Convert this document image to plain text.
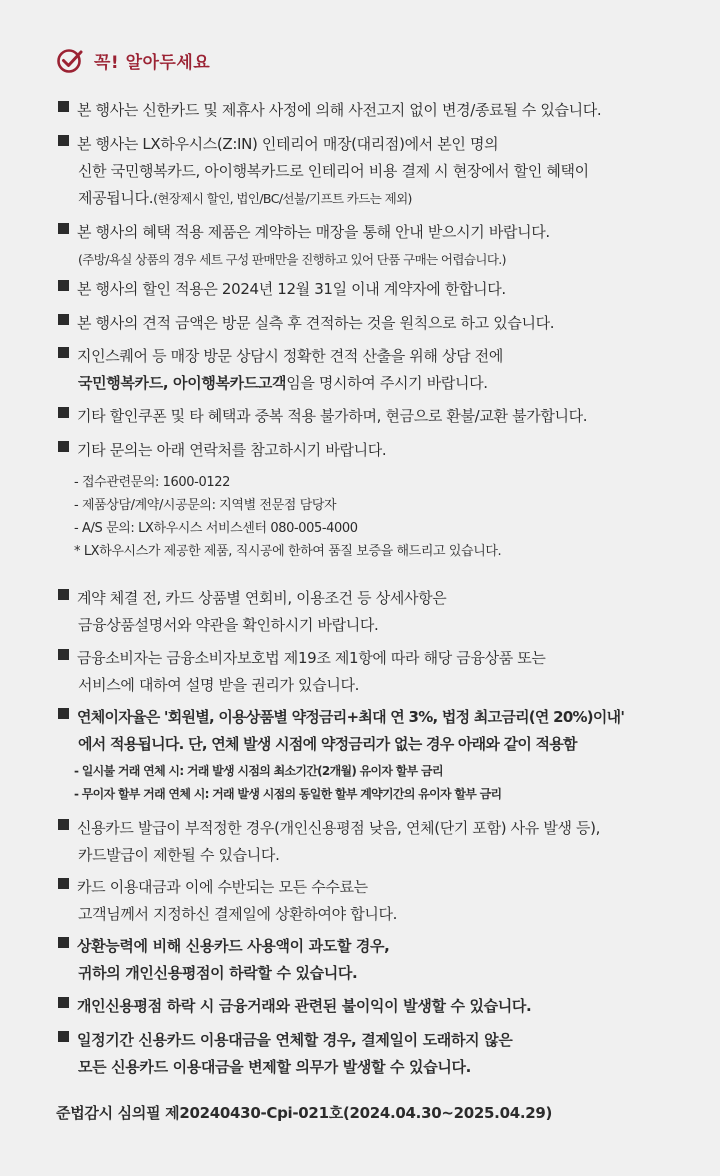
꼭! 알아두세요
본 행사는 신한카드 및 제휴사 사정에 의해 사전고지 없이 변경/종료될 수 있습니다.
본 행사는 LX하우시스(Z:IN) 인테리어 매장(대리점)에서 본인 명의
신한 국민행복카드, 아이행복카드로 인테리어 비용 결제 시 현장에서 할인 혜택이
제공됩니다.(현장제시 할인, 법인/BC/선불/기프트 카드는 제외)
본 행사의 혜택 적용 제품은 계약하는 매장을 통해 안내 받으시기 바랍니다.
(주방/욕실 상품의 경우 세트 구성 판매만을 진행하고 있어 단품 구매는 어렵습니다.)
본 행사의 할인 적용은 2024년 12월 31일 이내 계약자에 한합니다.
본 행사의 견적 금액은 방문 실측 후 견적하는 것을 원칙으로 하고 있습니다.
지인스퀘어 등 매장 방문 상담시 정확한 견적 산출을 위해 상담 전에
국민행복카드, 아이행복카드고객임을 명시하여 주시기 바랍니다.
기타 할인쿠폰 및 타 혜택과 중복 적용 불가하며, 현금으로 환불/교환 불가합니다.
기타 문의는 아래 연락처를 참고하시기 바랍니다.
- 접수관련문의: 1600-0122
- 제품상담/계약/시공문의: 지역별 전문점 담당자
- A/S 문의: LX하우시스 서비스센터 080-005-4000
* LX하우시스가 제공한 제품, 직시공에 한하여 품질 보증을 해드리고 있습니다.
계약 체결 전, 카드 상품별 연회비, 이용조건 등 상세사항은
금융상품설명서와 약관을 확인하시기 바랍니다.
금융소비자는 금융소비자보호법 제19조 제1항에 따라 해당 금융상품 또는
서비스에 대하여 설명 받을 권리가 있습니다.
연체이자율은 '회원별, 이용상품별 약정금리+최대 연 3%, 법정 최고금리(연 20%)이내'
에서 적용됩니다. 단, 연체 발생 시점에 약정금리가 없는 경우 아래와 같이 적용함
- 일시불 거래 연체 시: 거래 발생 시점의 최소기간(2개월) 유이자 할부 금리
- 무이자 할부 거래 연체 시: 거래 발생 시점의 동일한 할부 계약기간의 유이자 할부 금리
신용카드 발급이 부적정한 경우(개인신용평점 낮음, 연체(단기 포함) 사유 발생 등),
카드발급이 제한될 수 있습니다.
카드 이용대금과 이에 수반되는 모든 수수료는
고객님께서 지정하신 결제일에 상환하여야 합니다.
상환능력에 비해 신용카드 사용액이 과도할 경우,
귀하의 개인신용평점이 하락할 수 있습니다.
개인신용평점 하락 시 금융거래와 관련된 불이익이 발생할 수 있습니다.
일정기간 신용카드 이용대금을 연체할 경우, 결제일이 도래하지 않은
모든 신용카드 이용대금을 변제할 의무가 발생할 수 있습니다.
준법감시 심의필 제20240430-Cpi-021호(2024.04.30~2025.04.29)
